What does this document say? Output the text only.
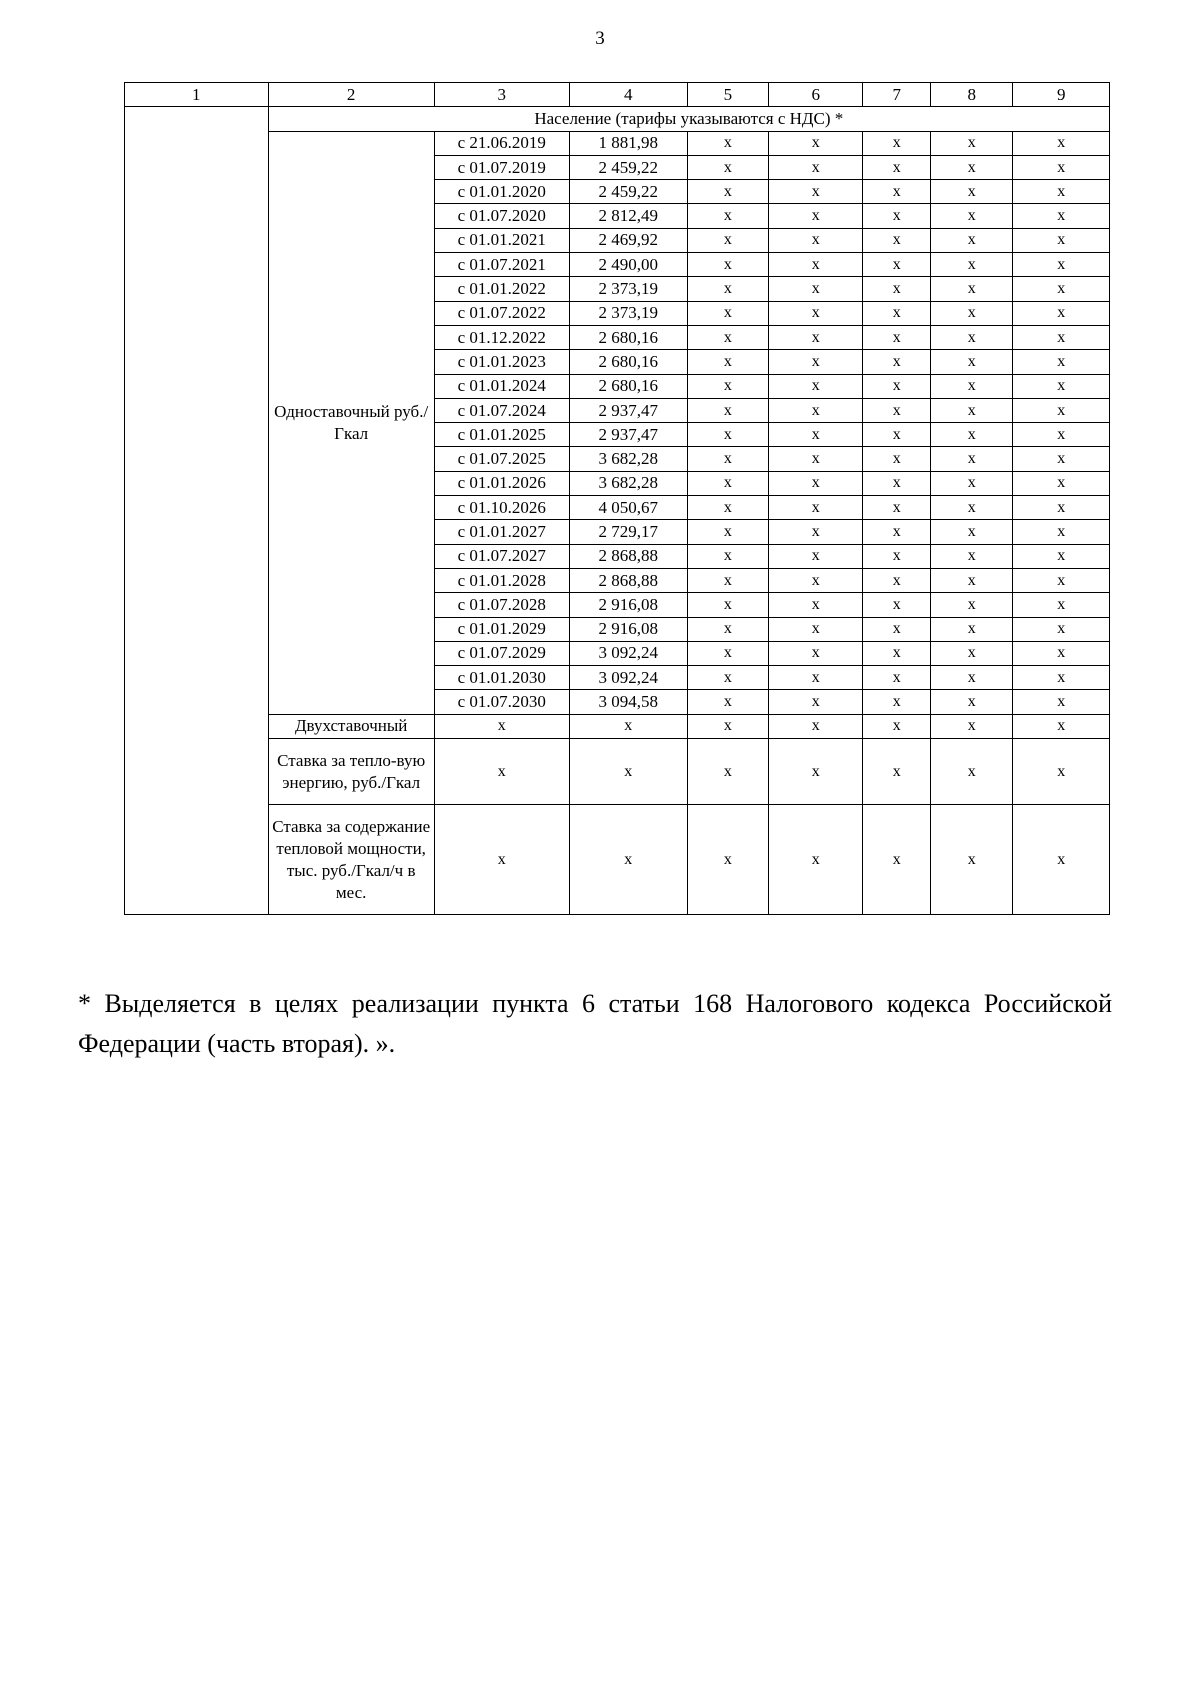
3
1	2	3	4	5	6	7	8	9
	Население (тарифы указываются с НДС) *							
	Одноставочный руб./Гкал	с 21.06.2019	1 881,98	x	x	x	x	x
		с 01.07.2019	2 459,22	x	x	x	x	x
		с 01.01.2020	2 459,22	x	x	x	x	x
		с 01.07.2020	2 812,49	x	x	x	x	x
		с 01.01.2021	2 469,92	x	x	x	x	x
		с 01.07.2021	2 490,00	x	x	x	x	x
		с 01.01.2022	2 373,19	x	x	x	x	x
		с 01.07.2022	2 373,19	x	x	x	x	x
		с 01.12.2022	2 680,16	x	x	x	x	x
		с 01.01.2023	2 680,16	x	x	x	x	x
		с 01.01.2024	2 680,16	x	x	x	x	x
		с 01.07.2024	2 937,47	x	x	x	x	x
		с 01.01.2025	2 937,47	x	x	x	x	x
		с 01.07.2025	3 682,28	x	x	x	x	x
		с 01.01.2026	3 682,28	x	x	x	x	x
		с 01.10.2026	4 050,67	x	x	x	x	x
		с 01.01.2027	2 729,17	x	x	x	x	x
		с 01.07.2027	2 868,88	x	x	x	x	x
		с 01.01.2028	2 868,88	x	x	x	x	x
		с 01.07.2028	2 916,08	x	x	x	x	x
		с 01.01.2029	2 916,08	x	x	x	x	x
		с 01.07.2029	3 092,24	x	x	x	x	x
		с 01.01.2030	3 092,24	x	x	x	x	x
		с 01.07.2030	3 094,58	x	x	x	x	x
	Двухставочный	x	x	x	x	x	x	x
	Ставка за тепло-вую энергию, руб./Гкал	x	x	x	x	x	x	x
	Ставка за содержание тепловой мощности, тыс. руб./Гкал/ч в мес.	x	x	x	x	x	x	x
* Выделяется в целях реализации пункта 6 статьи 168 Налогового кодекса Российской Федерации (часть вторая). ».
